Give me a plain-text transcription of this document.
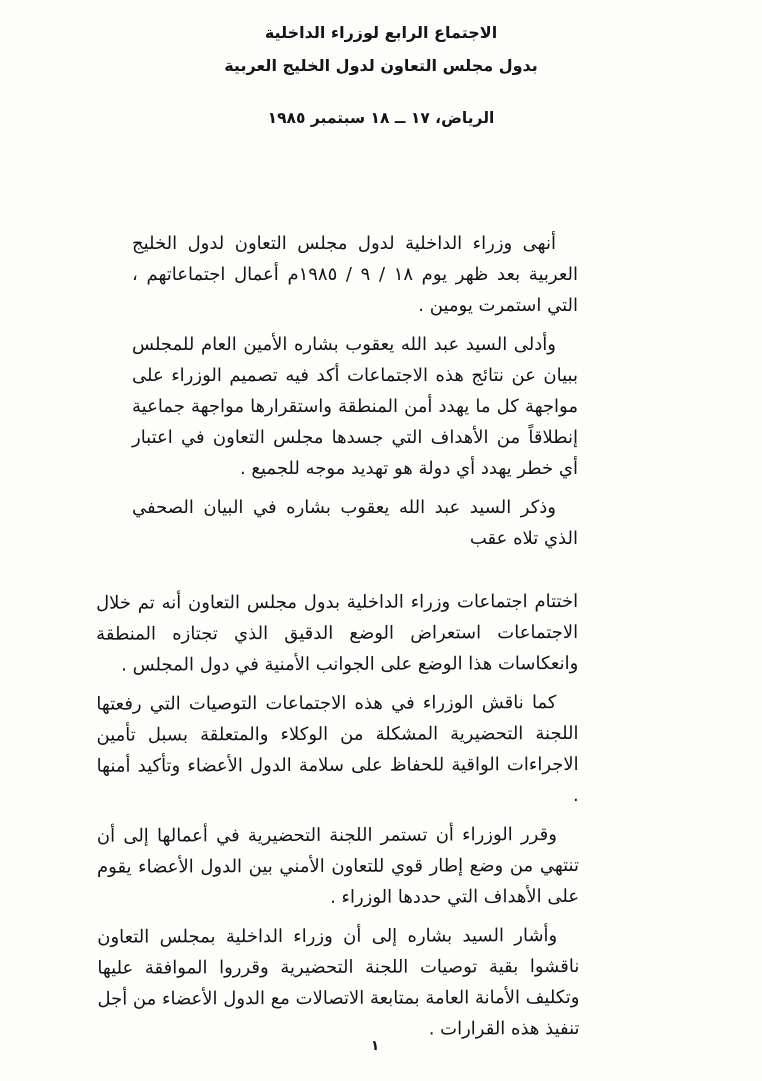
الاجتماع الرابع لوزراء الداخلية
بدول مجلس التعاون لدول الخليج العربية
الرياض، ١٧ ــ ١٨ سبتمبر ١٩٨٥

أنهى وزراء الداخلية لدول مجلس التعاون لدول الخليج العربية بعد ظهر يوم ١٨ / ٩ / ١٩٨٥م أعمال اجتماعاتهم ، التي استمرت يومين .

وأدلى السيد عبد الله يعقوب بشاره الأمين العام للمجلس ببيان عن نتائج هذه الاجتماعات أكد فيه تصميم الوزراء على مواجهة كل ما يهدد أمن المنطقة واستقرارها مواجهة جماعية إنطلاقاً من الأهداف التي جسدها مجلس التعاون في اعتبار أي خطر يهدد أي دولة هو تهديد موجه للجميع .

وذكر السيد عبد الله يعقوب بشاره في البيان الصحفي الذي تلاه عقب

اختتام اجتماعات وزراء الداخلية بدول مجلس التعاون أنه تم خلال الاجتماعات استعراض الوضع الدقيق الذي تجتازه المنطقة وانعكاسات هذا الوضع على الجوانب الأمنية في دول المجلس .

كما ناقش الوزراء في هذه الاجتماعات التوصيات التي رفعتها اللجنة التحضيرية المشكلة من الوكلاء والمتعلقة بسبل تأمين الاجراءات الواقية للحفاظ على سلامة الدول الأعضاء وتأكيد أمنها .

وقرر الوزراء أن تستمر اللجنة التحضيرية في أعمالها إلى أن تنتهي من وضع إطار قوي للتعاون الأمني بين الدول الأعضاء يقوم على الأهداف التي حددها الوزراء .

وأشار السيد بشاره إلى أن وزراء الداخلية بمجلس التعاون ناقشوا بقية توصيات اللجنة التحضيرية وقرروا الموافقة عليها وتكليف الأمانة العامة بمتابعة الاتصالات مع الدول الأعضاء من أجل تنفيذ هذه القرارات .

١
